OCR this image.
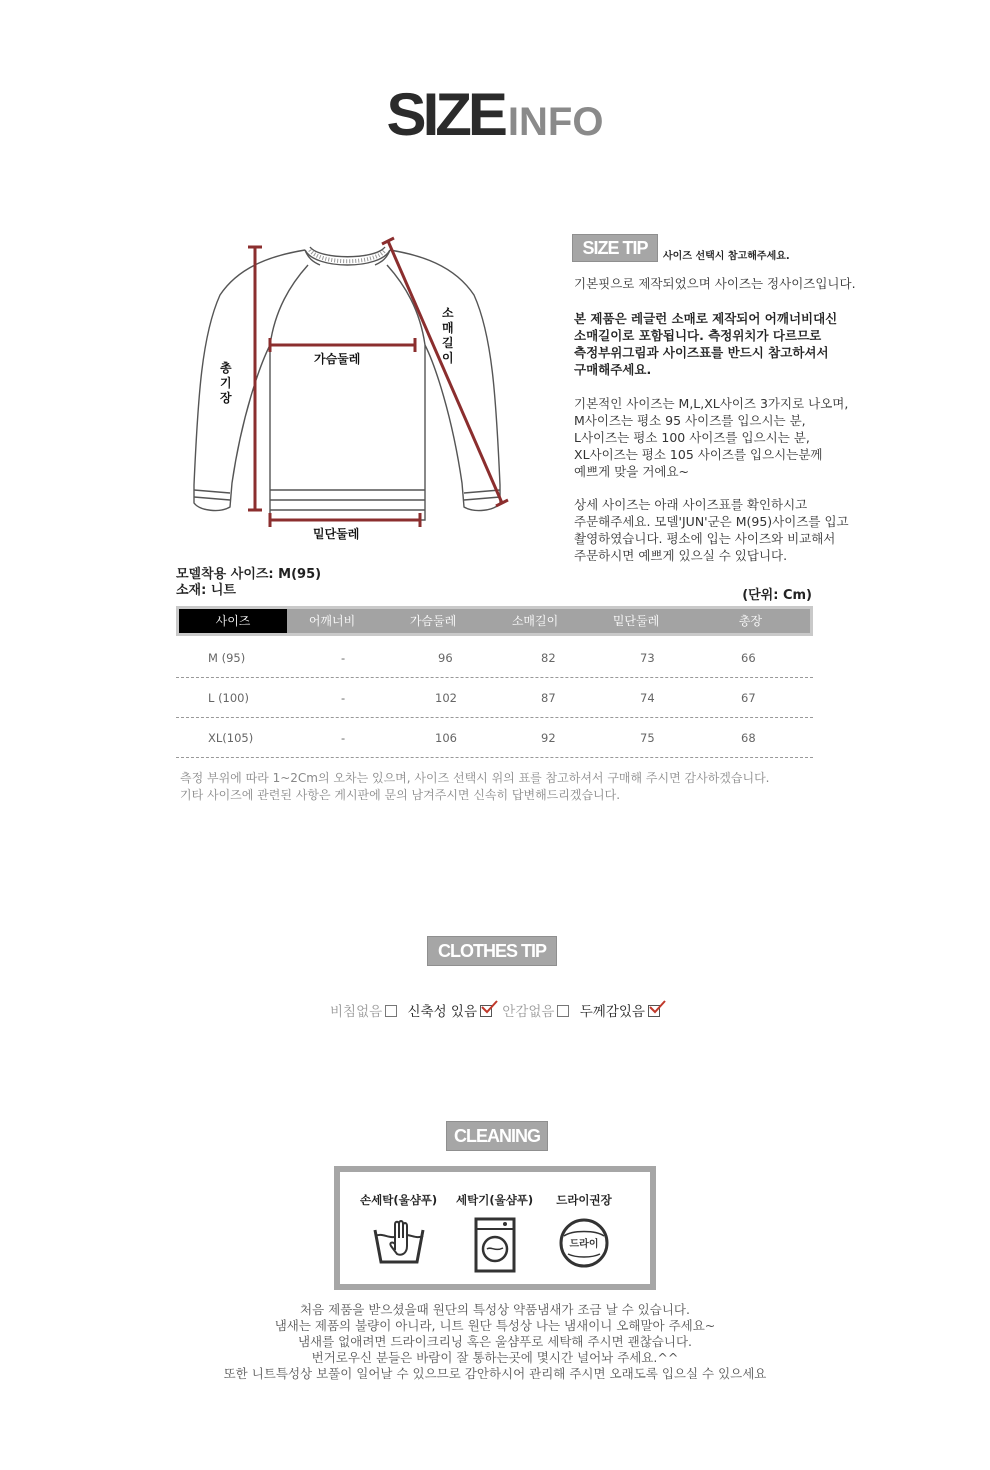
SIZE INFO
총
기
장
가슴둘레
밑단둘레
소
매
길
이
SIZE TIP	사이즈 선택시 참고해주세요.
기본핏으로 제작되었으며 사이즈는 정사이즈입니다.
본 제품은 레글런 소매로 제작되어 어깨너비대신
소매길이로 포함됩니다. 측정위치가 다르므로
측정부위그림과 사이즈표를 반드시 참고하셔서
구매해주세요.
기본적인 사이즈는 M,L,XL사이즈 3가지로 나오며,
M사이즈는 평소 95 사이즈를 입으시는 분,
L사이즈는 평소 100 사이즈를 입으시는 분,
XL사이즈는 평소 105 사이즈를 입으시는분께
예쁘게 맞을 거에요~
상세 사이즈는 아래 사이즈표를 확인하시고
주문해주세요. 모델'JUN'군은 M(95)사이즈를 입고
촬영하였습니다. 평소에 입는 사이즈와 비교해서
주문하시면 예쁘게 있으실 수 있답니다.
모델착용 사이즈: M(95)
소재: 니트	(단위: Cm)
사이즈	어깨너비	가슴둘레	소매길이	밑단둘레	총장
M (95)	-	96	82	73	66
L (100)	-	102	87	74	67
XL(105)	-	106	92	75	68
측정 부위에 따라 1~2Cm의 오차는 있으며, 사이즈 선택시 위의 표를 참고하셔서 구매해 주시면 감사하겠습니다.
기타 사이즈에 관련된 사항은 게시판에 문의 남겨주시면 신속히 답변해드리겠습니다.
CLOTHES TIP
비침없음 신축성 있음 안감없음 두께감있음
CLEANING
손세탁(울샴푸) 세탁기(울샴푸) 드라이권장
드라이
처음 제품을 받으셨을때 원단의 특성상 약품냄새가 조금 날 수 있습니다.
냄새는 제품의 불량이 아니라, 니트 원단 특성상 나는 냄새이니 오해말아 주세요~
냄새를 없애려면 드라이크리닝 혹은 울샴푸로 세탁해 주시면 괜찮습니다.
번거로우신 분들은 바람이 잘 통하는곳에 몇시간 널어놔 주세요.^^
또한 니트특성상 보풀이 일어날 수 있으므로 감안하시어 관리해 주시면 오래도록 입으실 수 있으세요
